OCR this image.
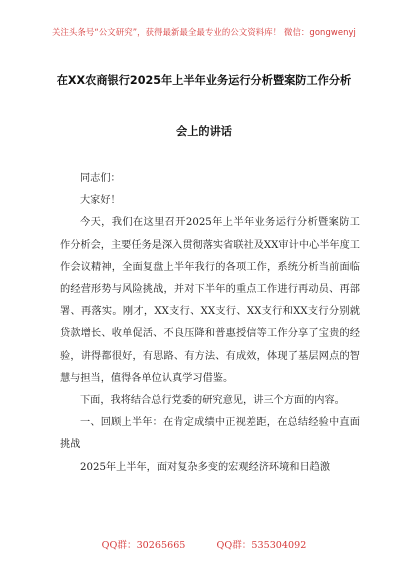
关注头条号“公文研究”，获得最新最全最专业的公文资料库！ 微信：gongwenyj
在XX农商银行2025年上半年业务运行分析暨案防工作分析
会上的讲话

同志们：

大家好！

今天，我们在这里召开2025年上半年业务运行分析暨案防工作分析会，主要任务是深入贯彻落实省联社及XX审计中心半年度工作会议精神，全面复盘上半年我行的各项工作，系统分析当前面临的经营形势与风险挑战，并对下半年的重点工作进行再动员、再部署、再落实。刚才，XX支行、XX支行、XX支行和XX支行分别就贷款增长、收单促活、不良压降和普惠授信等工作分享了宝贵的经验，讲得都很好，有思路、有方法、有成效，体现了基层网点的智慧与担当，值得各单位认真学习借鉴。

下面，我将结合总行党委的研究意见，讲三个方面的内容。

一、回顾上半年：在肯定成绩中正视差距，在总结经验中直面挑战

2025年上半年，面对复杂多变的宏观经济环境和日趋激

QQ群：30265665	QQ群：535304092
